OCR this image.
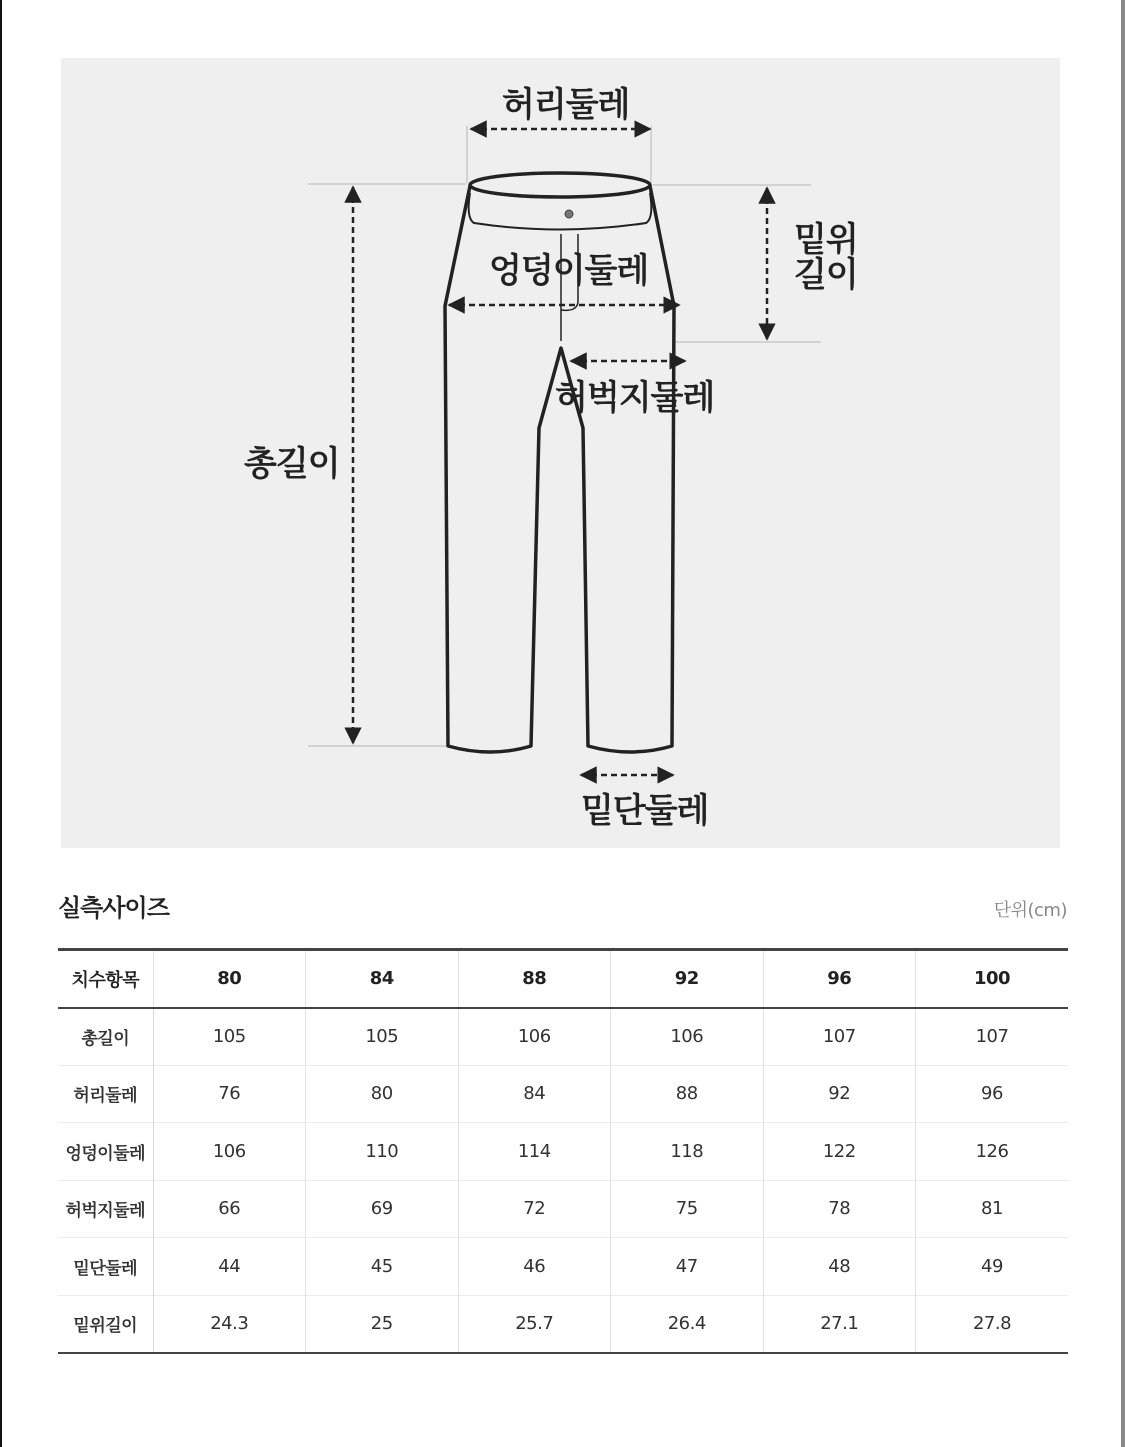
허리둘레
엉덩이둘레
허벅지둘레
총길이
밑위
길이
밑단둘레
실측사이즈	단위(cm)
치수항목	80	84	88	92	96	100
총길이	105	105	106	106	107	107
허리둘레	76	80	84	88	92	96
엉덩이둘레	106	110	114	118	122	126
허벅지둘레	66	69	72	75	78	81
밑단둘레	44	45	46	47	48	49
밑위길이	24.3	25	25.7	26.4	27.1	27.8
